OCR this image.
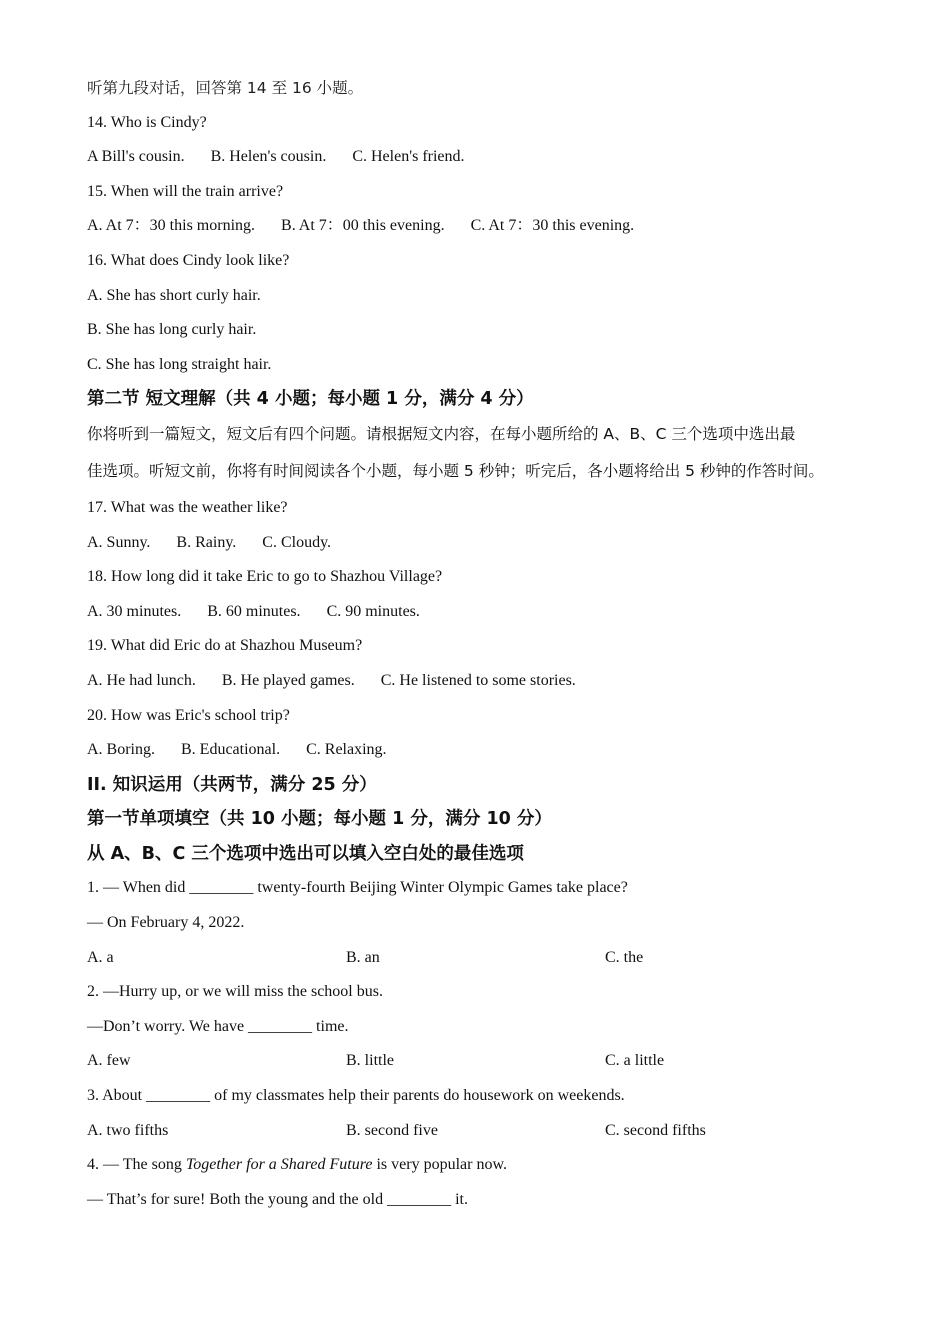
听第九段对话，回答第 14 至 16 小题。
14. Who is Cindy?
A Bill's cousin. B. Helen's cousin. C. Helen's friend.
15. When will the train arrive?
A. At 7：30 this morning. B. At 7：00 this evening. C. At 7：30 this evening.
16. What does Cindy look like?
A. She has short curly hair.
B. She has long curly hair.
C. She has long straight hair.
第二节 短文理解（共 4 小题；每小题 1 分，满分 4 分）
你将听到一篇短文，短文后有四个问题。请根据短文内容，在每小题所给的 A、B、C 三个选项中选出最
佳选项。听短文前，你将有时间阅读各个小题，每小题 5 秒钟；听完后，各小题将给出 5 秒钟的作答时间。
17. What was the weather like?
A. Sunny. B. Rainy. C. Cloudy.
18. How long did it take Eric to go to Shazhou Village?
A. 30 minutes. B. 60 minutes. C. 90 minutes.
19. What did Eric do at Shazhou Museum?
A. He had lunch. B. He played games. C. He listened to some stories.
20. How was Eric's school trip?
A. Boring. B. Educational. C. Relaxing.
II. 知识运用（共两节，满分 25 分）
第一节单项填空（共 10 小题；每小题 1 分，满分 10 分）
从 A、B、C 三个选项中选出可以填入空白处的最佳选项
1. — When did ________ twenty-fourth Beijing Winter Olympic Games take place?
— On February 4, 2022.
A. a	B. an	C. the
2. —Hurry up, or we will miss the school bus.
—Don’t worry. We have ________ time.
A. few	B. little	C. a little
3. About ________ of my classmates help their parents do housework on weekends.
A. two fifths	B. second five	C. second fifths
4. — The song Together for a Shared Future is very popular now.
— That’s for sure! Both the young and the old ________ it.
